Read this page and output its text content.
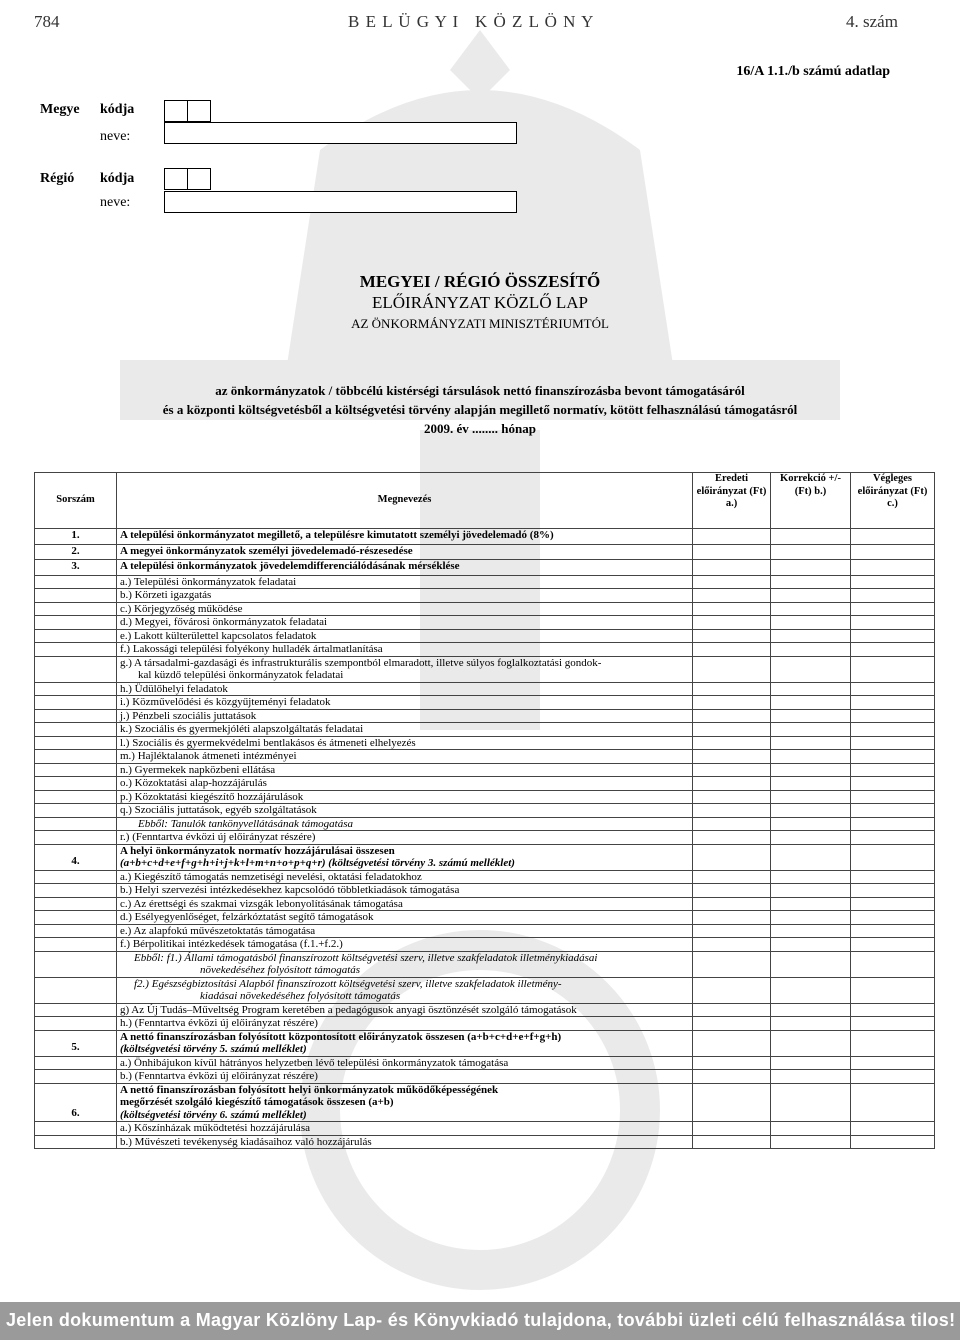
784	B E L Ü G Y I   K Ö Z L Ö N Y	4. szám
16/A 1.1./b számú adatlap
Megye kódja
neve:
Régió kódja
neve:
MEGYEI / RÉGIÓ ÖSSZESÍTŐ
ELŐIRÁNYZAT KÖZLŐ LAP
AZ ÖNKORMÁNYZATI MINISZTÉRIUMTÓL
az önkormányzatok / többcélú kistérségi társulások nettó finanszírozásba bevont támogatásáról
és a központi költségvetésből a költségvetési törvény alapján megillető normatív, kötött felhasználású támogatásról
2009. év ........ hónap
Sorszám	Megnevezés	Eredeti előirányzat (Ft) a.)	Korrekció +/- (Ft) b.)	Végleges előirányzat (Ft) c.)
1.	A települési önkormányzatot megillető, a településre kimutatott személyi jövedelemadó (8%)			

2.	A megyei önkormányzatok személyi jövedelemadó-részesedése			

3.	A települési önkormányzatok jövedelemdifferenciálódásának mérséklése			

	a.) Települési önkormányzatok feladatai			

	b.) Körzeti igazgatás			

	c.) Körjegyzőség működése			

	d.) Megyei, fővárosi önkormányzatok feladatai			

	e.) Lakott külterülettel kapcsolatos feladatok			

	f.) Lakossági települési folyékony hulladék ártalmatlanítása			

	g.) A társadalmi-gazdasági és infrastrukturális szempontból elmaradott, illetve súlyos foglalkoztatási gondok-
kal küzdő települési önkormányzatok feladatai			

	h.) Üdülőhelyi feladatok			

	i.) Közművelődési és közgyűjteményi feladatok			

	j.) Pénzbeli szociális juttatások			

	k.) Szociális és gyermekjóléti alapszolgáltatás feladatai			

	l.) Szociális és gyermekvédelmi bentlakásos és átmeneti elhelyezés			

	m.) Hajléktalanok átmeneti intézményei			

	n.) Gyermekek napközbeni ellátása			

	o.) Közoktatási alap-hozzájárulás			

	p.) Közoktatási kiegészítő hozzájárulások			

	q.) Szociális juttatások, egyéb szolgáltatások			

	Ebből: Tanulók tankönyvellátásának támogatása			

	r.) (Fenntartva évközi új előirányzat részére)			

4.	A helyi önkormányzatok normatív hozzájárulásai összesen
(a+b+c+d+e+f+g+h+i+j+k+l+m+n+o+p+q+r) (költségvetési törvény 3. számú melléklet)			

	a.) Kiegészítő támogatás nemzetiségi nevelési, oktatási feladatokhoz			

	b.) Helyi szervezési intézkedésekhez kapcsolódó többletkiadások támogatása			

	c.) Az érettségi és szakmai vizsgák lebonyolításának támogatása			

	d.) Esélyegyenlőséget, felzárkóztatást segítő támogatások			

	e.) Az alapfokú művészetoktatás támogatása			

	f.) Bérpolitikai intézkedések támogatása (f.1.+f.2.)			

	Ebből: f1.) Állami támogatásból finanszírozott költségvetési szerv, illetve szakfeladatok illetménykiadásai
növekedéséhez folyósított támogatás			

	f2.) Egészségbiztosítási Alapból finanszírozott költségvetési szerv, illetve szakfeladatok illetmény-
kiadásai növekedéséhez folyósított támogatás			

	g) Az Új Tudás–Műveltség Program keretében a pedagógusok anyagi ösztönzését szolgáló támogatások			

	h.) (Fenntartva évközi új előirányzat részére)			

5.	A nettó finanszírozásban folyósított központosított előirányzatok összesen (a+b+c+d+e+f+g+h)
(költségvetési törvény 5. számú melléklet)			

	a.) Önhibájukon kívül hátrányos helyzetben lévő települési önkormányzatok támogatása			

	b.) (Fenntartva évközi új előirányzat részére)			

6.	A nettó finanszírozásban folyósított helyi önkormányzatok működőképességének
megőrzését szolgáló kiegészítő támogatások összesen (a+b)
(költségvetési törvény 6. számú melléklet)			

	a.) Kőszínházak működtetési hozzájárulása			

	b.) Művészeti tevékenység kiadásaihoz való hozzájárulás			

Jelen dokumentum a Magyar Közlöny Lap- és Könyvkiadó tulajdona, további üzleti célú felhasználása tilos!
